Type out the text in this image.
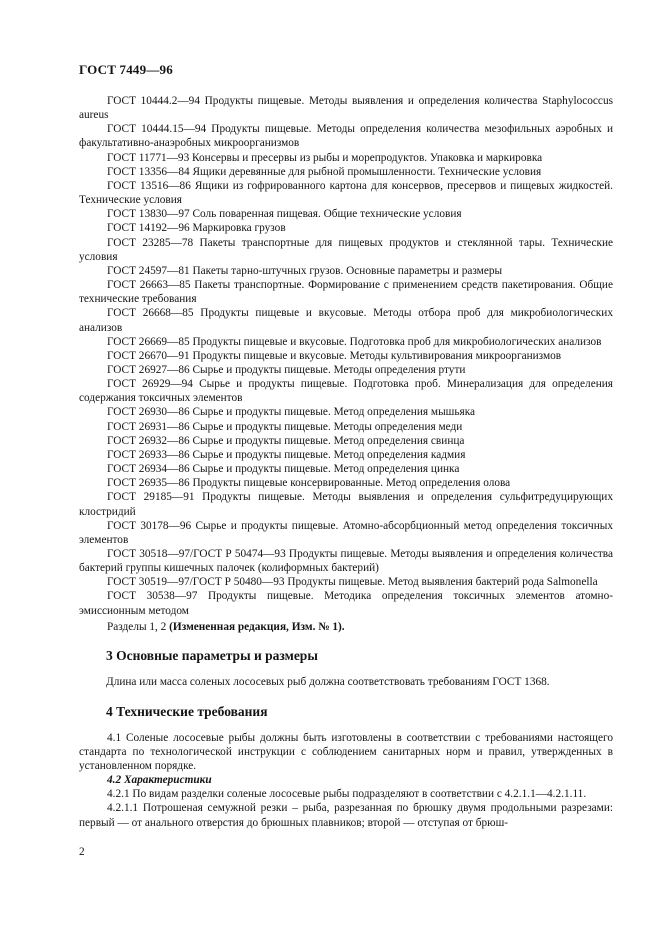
ГОСТ 7449—96
ГОСТ 10444.2—94 Продукты пищевые. Методы выявления и определения количества Staphylococcus aureus
ГОСТ 10444.15—94 Продукты пищевые. Методы определения количества мезофильных аэробных и факультативно-анаэробных микроорганизмов
ГОСТ 11771—93 Консервы и пресервы из рыбы и морепродуктов. Упаковка и маркировка
ГОСТ 13356—84 Ящики деревянные для рыбной промышленности. Технические условия
ГОСТ 13516—86 Ящики из гофрированного картона для консервов, пресервов и пищевых жидкостей. Технические условия
ГОСТ 13830—97 Соль поваренная пищевая. Общие технические условия
ГОСТ 14192—96 Маркировка грузов
ГОСТ 23285—78 Пакеты транспортные для пищевых продуктов и стеклянной тары. Технические условия
ГОСТ 24597—81 Пакеты тарно-штучных грузов. Основные параметры и размеры
ГОСТ 26663—85 Пакеты транспортные. Формирование с применением средств пакетирования. Общие технические требования
ГОСТ 26668—85 Продукты пищевые и вкусовые. Методы отбора проб для микробиологических анализов
ГОСТ 26669—85 Продукты пищевые и вкусовые. Подготовка проб для микробиологических анализов
ГОСТ 26670—91 Продукты пищевые и вкусовые. Методы культивирования микроорганизмов
ГОСТ 26927—86 Сырье и продукты пищевые. Методы определения ртути
ГОСТ 26929—94 Сырье и продукты пищевые. Подготовка проб. Минерализация для определения содержания токсичных элементов
ГОСТ 26930—86 Сырье и продукты пищевые. Метод определения мышьяка
ГОСТ 26931—86 Сырье и продукты пищевые. Методы определения меди
ГОСТ 26932—86 Сырье и продукты пищевые. Метод определения свинца
ГОСТ 26933—86 Сырье и продукты пищевые. Метод определения кадмия
ГОСТ 26934—86 Сырье и продукты пищевые. Метод определения цинка
ГОСТ 26935—86 Продукты пищевые консервированные. Метод определения олова
ГОСТ 29185—91 Продукты пищевые. Методы выявления и определения сульфитредуцирующих клостридий
ГОСТ 30178—96 Сырье и продукты пищевые. Атомно-абсорбционный метод определения токсичных элементов
ГОСТ 30518—97/ГОСТ Р 50474—93 Продукты пищевые. Методы выявления и определения количества бактерий группы кишечных палочек (колиформных бактерий)
ГОСТ 30519—97/ГОСТ Р 50480—93 Продукты пищевые. Метод выявления бактерий рода Salmonella
ГОСТ 30538—97 Продукты пищевые. Методика определения токсичных элементов атомно-эмиссионным методом
Разделы 1, 2 (Измененная редакция, Изм. № 1).
3 Основные параметры и размеры
Длина или масса соленых лососевых рыб должна соответствовать требованиям ГОСТ 1368.
4 Технические требования

4.1 Соленые лососевые рыбы должны быть изготовлены в соответствии с требованиями настоящего стандарта по технологической инструкции с соблюдением санитарных норм и правил, утвержденных в установленном порядке.

4.2 Характеристики

4.2.1 По видам разделки соленые лососевые рыбы подразделяют в соответствии с 4.2.1.1—4.2.1.11.

4.2.1.1 Потрошеная семужной резки – рыба, разрезанная по брюшку двумя продольными разрезами: первый — от анального отверстия до брюшных плавников; второй — отступая от брюш-

2
